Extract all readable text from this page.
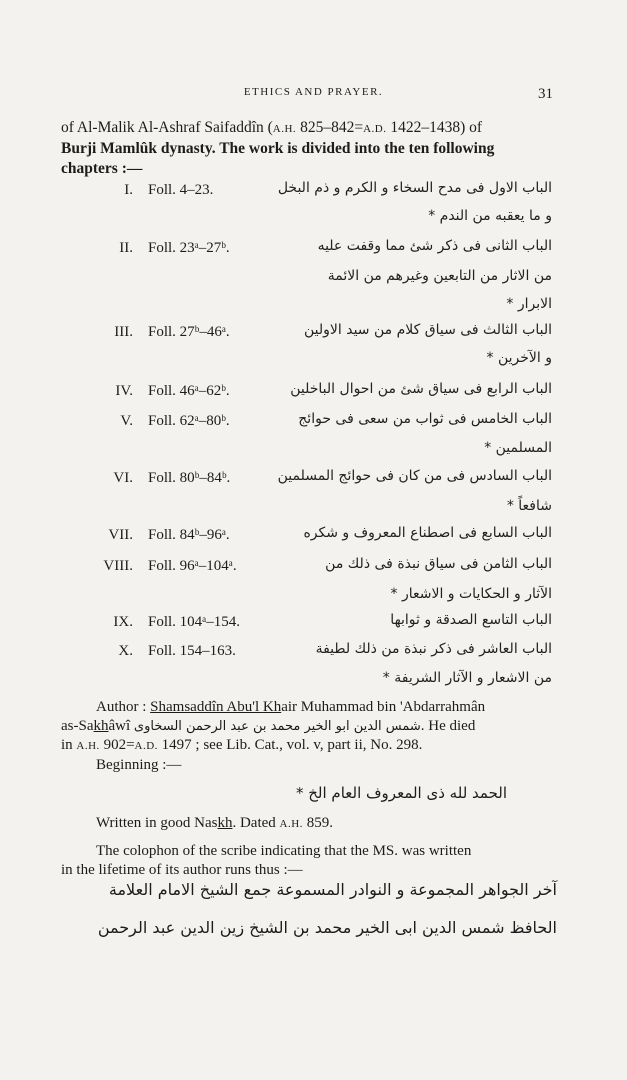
ETHICS AND PRAYER.	31
of Al-Malik Al-Ashraf Saifaddîn (A.H. 825–842=A.D. 1422–1438) of
Burji Mamlûk dynasty. The work is divided into the ten following
chapters :—
I. Foll. 4–23.	الباب الاول فى مدح السخاء و الكرم و ذم البخل
و ما يعقبه من الندم *
II. Foll. 23ᵃ–27ᵇ.	الباب الثانى فى ذكر شئ مما وقفت عليه
من الاثار من التابعين وغيرهم من الائمة
الابرار *
III. Foll. 27ᵇ–46ᵃ.	الباب الثالث فى سياق كلام من سيد الاولين
و الآخرين *
IV. Foll. 46ᵃ–62ᵇ.	الباب الرابع فى سياق شئ من احوال الباخلين
V. Foll. 62ᵃ–80ᵇ.	الباب الخامس فى ثواب من سعى فى حوائج
المسلمين *
VI. Foll. 80ᵇ–84ᵇ.	الباب السادس فى من كان فى حوائج المسلمين
شافعاً *
VII. Foll. 84ᵇ–96ᵃ.	الباب السابع فى اصطناع المعروف و شكره
VIII. Foll. 96ᵃ–104ᵃ.	الباب الثامن فى سياق نبذة فى ذلك من
الآثار و الحكايات و الاشعار *
IX. Foll. 104ᵃ–154.	الباب التاسع الصدقة و ثوابها
X. Foll. 154–163.	الباب العاشر فى ذكر نبذة من ذلك لطيفة
من الاشعار و الآثار الشريفة *
Author : Shamsaddîn Abu'l Khair Muhammad bin 'Abdarrahmân
as-Sakhâwî شمس الدين ابو الخير محمد بن عبد الرحمن السخاوى. He died
in A.H. 902=A.D. 1497 ; see Lib. Cat., vol. v, part ii, No. 298.
Beginning :—
الحمد لله ذى المعروف العام الخ *
Written in good Naskh. Dated A.H. 859.
The colophon of the scribe indicating that the MS. was written
in the lifetime of its author runs thus :—
آخر الجواهر المجموعة و النوادر المسموعة جمع الشيخ الامام العلامة
الحافظ شمس الدين ابى الخير محمد بن الشيخ زين الدين عبد الرحمن
